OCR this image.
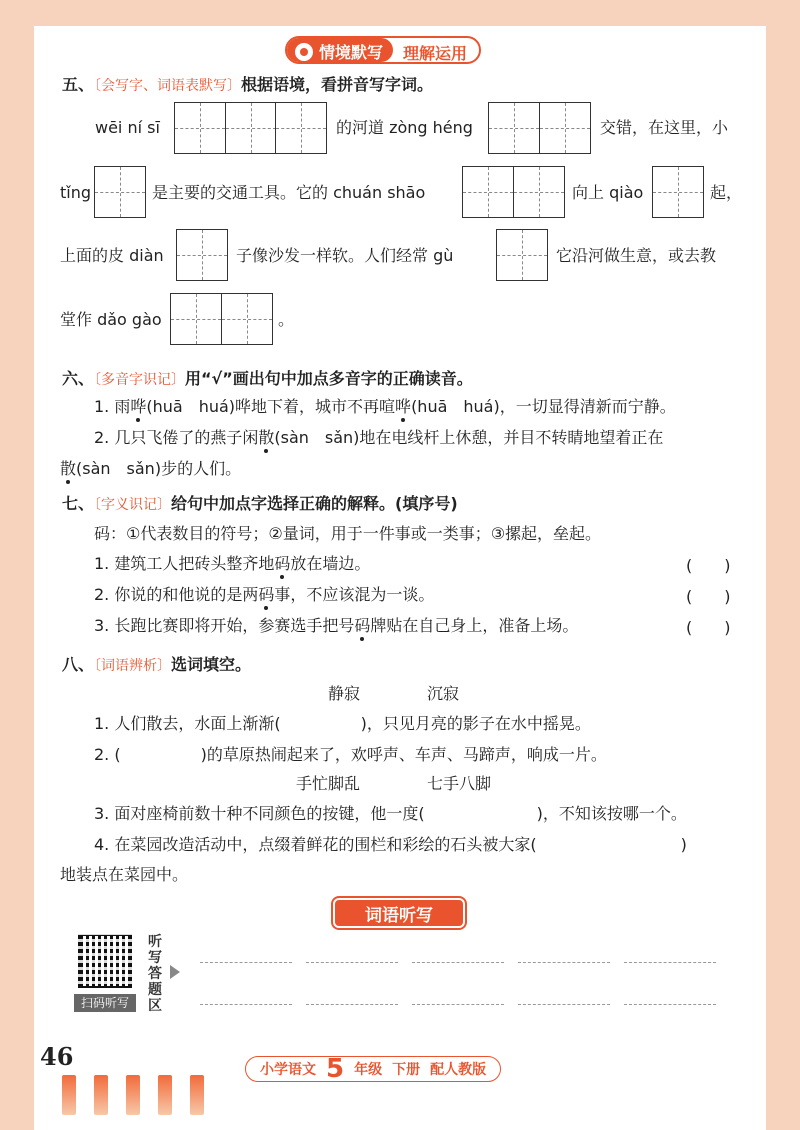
情境默写	理解运用
五、〔会写字、词语表默写〕根据语境，看拼音写字词。
wēi ní sī	的河道 zòng héng	交错，在这里，小
tǐng	是主要的交通工具。它的 chuán shāo	向上 qiào	起，
上面的皮 diàn	子像沙发一样软。人们经常 gù	它沿河做生意，或去教
堂作 dǎo gào	。
六、〔多音字识记〕用“√”画出句中加点多音字的正确读音。
1. 雨哗(huā　huá)哗地下着，城市不再喧哗(huā　huá)，一切显得清新而宁静。
2. 几只飞倦了的燕子闲散(sàn　sǎn)地在电线杆上休憩，并目不转睛地望着正在
散(sàn　sǎn)步的人们。
七、〔字义识记〕给句中加点字选择正确的解释。(填序号)
码：①代表数目的符号；②量词，用于一件事或一类事；③摞起，垒起。
1. 建筑工人把砖头整齐地码放在墙边。	(　　)
2. 你说的和他说的是两码事，不应该混为一谈。	(　　)
3. 长跑比赛即将开始，参赛选手把号码牌贴在自己身上，准备上场。	(　　)
八、〔词语辨析〕选词填空。
静寂	沉寂
1. 人们散去，水面上渐渐(　　　　　)，只见月亮的影子在水中摇晃。
2. (　　　　　)的草原热闹起来了，欢呼声、车声、马蹄声，响成一片。
手忙脚乱	七手八脚
3. 面对座椅前数十种不同颜色的按键，他一度(　　　　　　　)，不知该按哪一个。
4. 在菜园改造活动中，点缀着鲜花的围栏和彩绘的石头被大家(　　　　　　　　　)
地装点在菜园中。
词语听写
扫码听写
听写答题区
46	小学语文 5 年级 下册 配人教版
